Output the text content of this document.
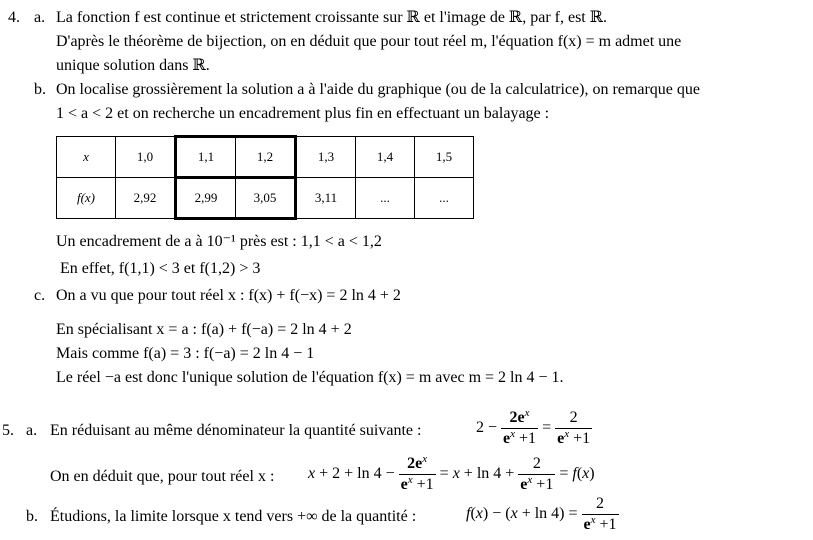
4. a. La fonction f est continue et strictement croissante sur ℝ et l'image de ℝ, par f, est ℝ.
D'après le théorème de bijection, on en déduit que pour tout réel m, l'équation f(x) = m admet une
unique solution dans ℝ.
b. On localise grossièrement la solution a à l'aide du graphique (ou de la calculatrice), on remarque que
1 < a < 2 et on recherche un encadrement plus fin en effectuant un balayage :
x	1,0	1,1	1,2	1,3	1,4	1,5
f(x)	2,92	2,99	3,05	3,11	...	...
Un encadrement de a à 10⁻¹ près est : 1,1 < a < 1,2
En effet, f(1,1) < 3 et f(1,2) > 3
c. On a vu que pour tout réel x : f(x) + f(−x) = 2 ln 4 + 2
En spécialisant x = a : f(a) + f(−a) = 2 ln 4 + 2
Mais comme f(a) = 3 : f(−a) = 2 ln 4 − 1
Le réel −a est donc l'unique solution de l'équation f(x) = m avec m = 2 ln 4 − 1.
5. a. En réduisant au même dénominateur la quantité suivante :	$2 - \frac{2e^x}{e^x +1} = \frac{2}{e^x +1}$
On en déduit que, pour tout réel x : $x + 2 + \ln 4 - \frac{2e^x}{e^x +1} = x + \ln 4 + \frac{2}{e^x +1} = f(x)$
b. Étudions, la limite lorsque x tend vers +∞ de la quantité :	$f(x) - (x + \ln 4) = \frac{2}{e^x +1}$
